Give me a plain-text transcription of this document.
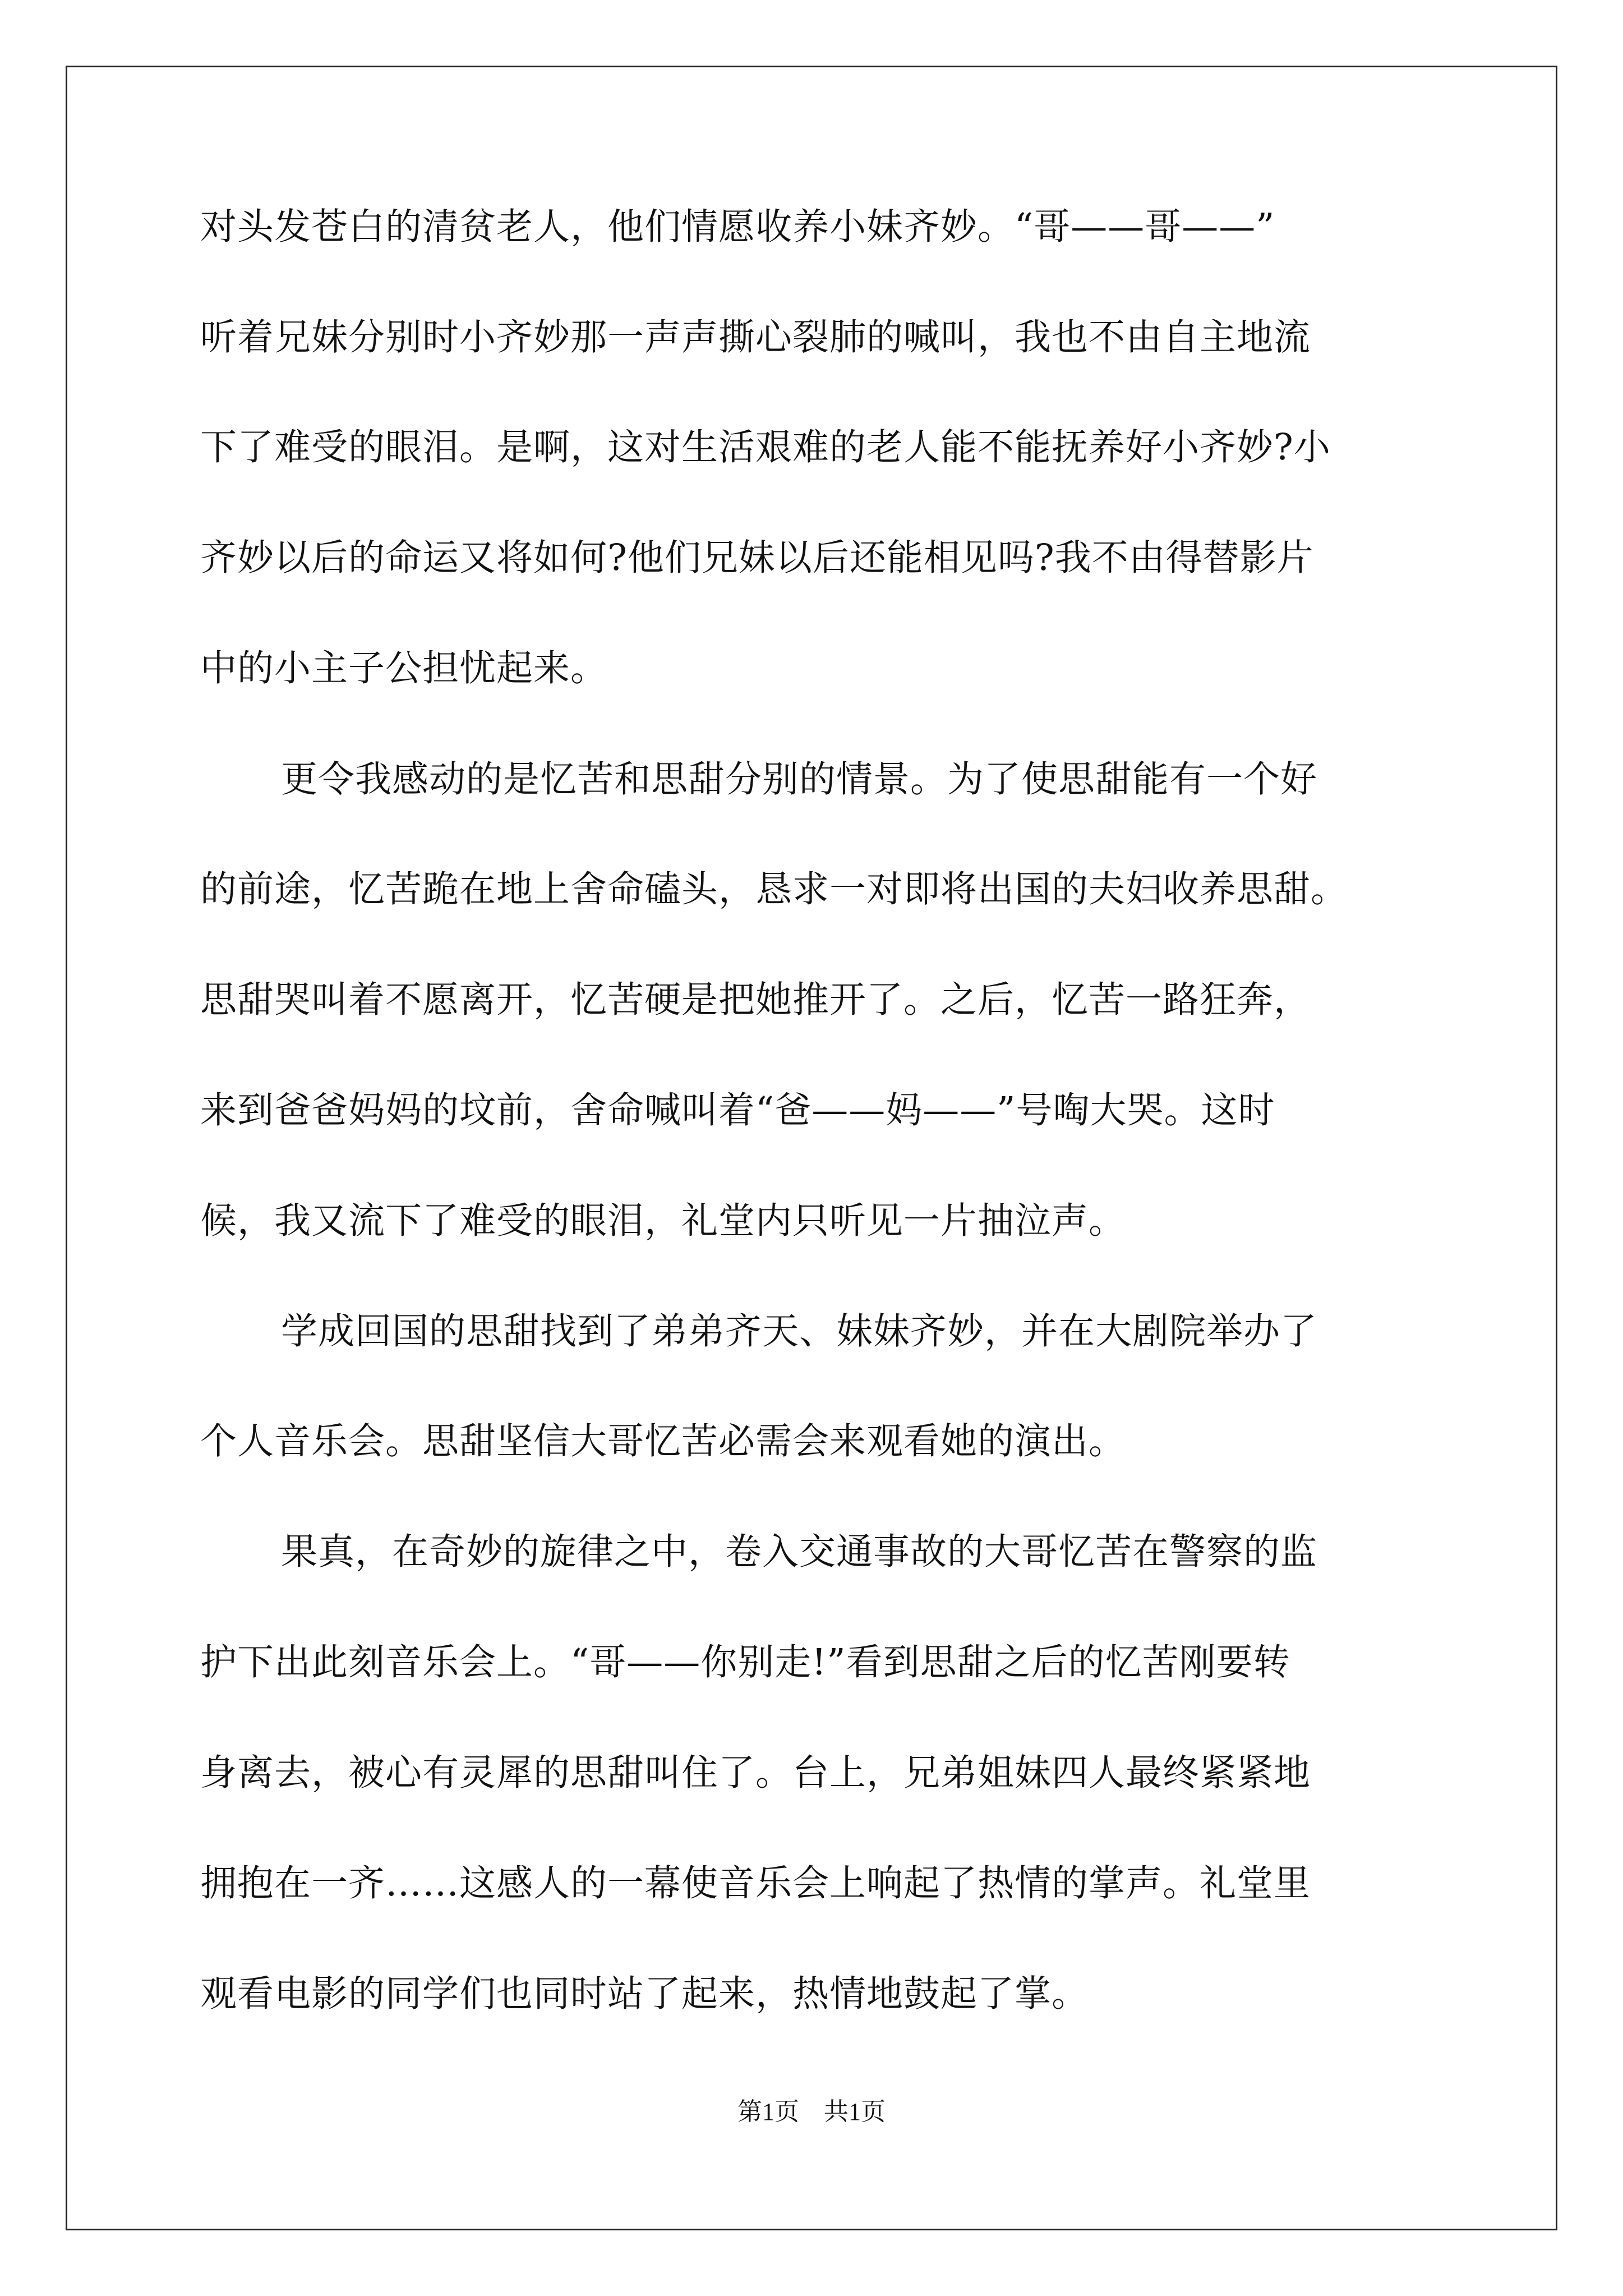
对头发苍白的清贫老人，他们情愿收养小妹齐妙。“哥——哥——”
听着兄妹分别时小齐妙那一声声撕心裂肺的喊叫，我也不由自主地流
下了难受的眼泪。是啊，这对生活艰难的老人能不能抚养好小齐妙?小
齐妙以后的命运又将如何?他们兄妹以后还能相见吗?我不由得替影片
中的小主子公担忧起来。
更令我感动的是忆苦和思甜分别的情景。为了使思甜能有一个好
的前途，忆苦跪在地上舍命磕头，恳求一对即将出国的夫妇收养思甜。
思甜哭叫着不愿离开，忆苦硬是把她推开了。之后，忆苦一路狂奔，
来到爸爸妈妈的坟前，舍命喊叫着“爸——妈——”号啕大哭。这时
候，我又流下了难受的眼泪，礼堂内只听见一片抽泣声。
学成回国的思甜找到了弟弟齐天、妹妹齐妙，并在大剧院举办了
个人音乐会。思甜坚信大哥忆苦必需会来观看她的演出。
果真，在奇妙的旋律之中，卷入交通事故的大哥忆苦在警察的监
护下出此刻音乐会上。“哥——你别走!”看到思甜之后的忆苦刚要转
身离去，被心有灵犀的思甜叫住了。台上，兄弟姐妹四人最终紧紧地
拥抱在一齐……这感人的一幕使音乐会上响起了热情的掌声。礼堂里
观看电影的同学们也同时站了起来，热情地鼓起了掌。
第1页　共1页
